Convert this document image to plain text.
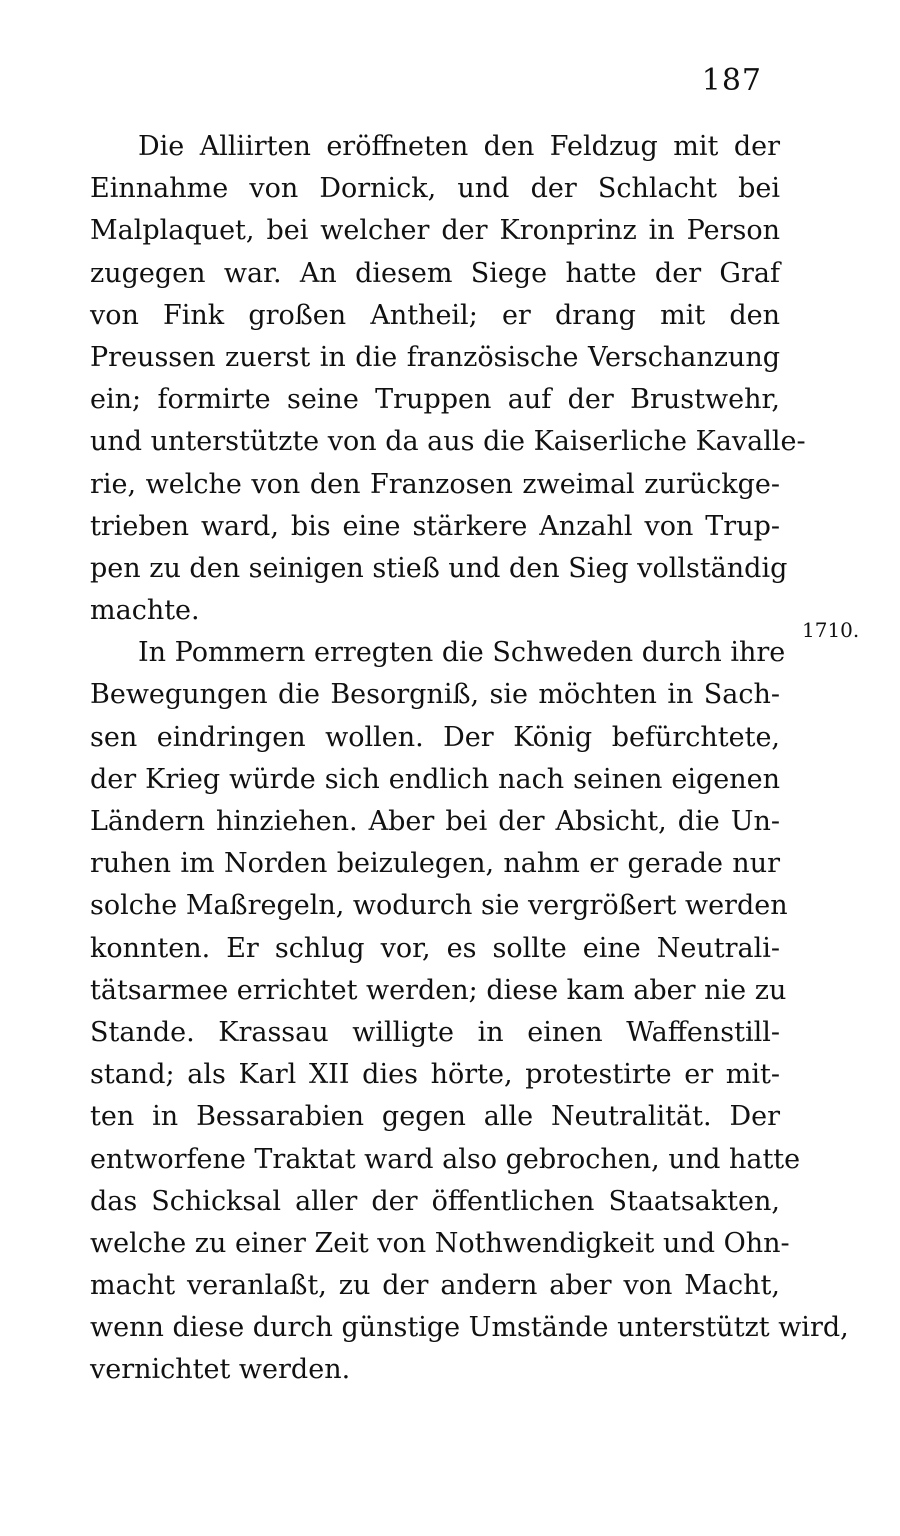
187
1710.
Die Alliirten eröffneten den Feldzug mit der
Einnahme von Dornick, und der Schlacht bei
Malplaquet, bei welcher der Kronprinz in Person
zugegen war. An diesem Siege hatte der Graf
von Fink großen Antheil; er drang mit den
Preussen zuerst in die französische Verschanzung
ein; formirte seine Truppen auf der Brustwehr,
und unterstützte von da aus die Kaiserliche Kavalle-
rie, welche von den Franzosen zweimal zurückge-
trieben ward, bis eine stärkere Anzahl von Trup-
pen zu den seinigen stieß und den Sieg vollständig
machte.
In Pommern erregten die Schweden durch ihre
Bewegungen die Besorgniß, sie möchten in Sach-
sen eindringen wollen. Der König befürchtete,
der Krieg würde sich endlich nach seinen eigenen
Ländern hinziehen. Aber bei der Absicht, die Un-
ruhen im Norden beizulegen, nahm er gerade nur
solche Maßregeln, wodurch sie vergrößert werden
konnten. Er schlug vor, es sollte eine Neutrali-
tätsarmee errichtet werden; diese kam aber nie zu
Stande. Krassau willigte in einen Waffenstill-
stand; als Karl XII dies hörte, protestirte er mit-
ten in Bessarabien gegen alle Neutralität. Der
entworfene Traktat ward also gebrochen, und hatte
das Schicksal aller der öffentlichen Staatsakten,
welche zu einer Zeit von Nothwendigkeit und Ohn-
macht veranlaßt, zu der andern aber von Macht,
wenn diese durch günstige Umstände unterstützt wird,
vernichtet werden.
